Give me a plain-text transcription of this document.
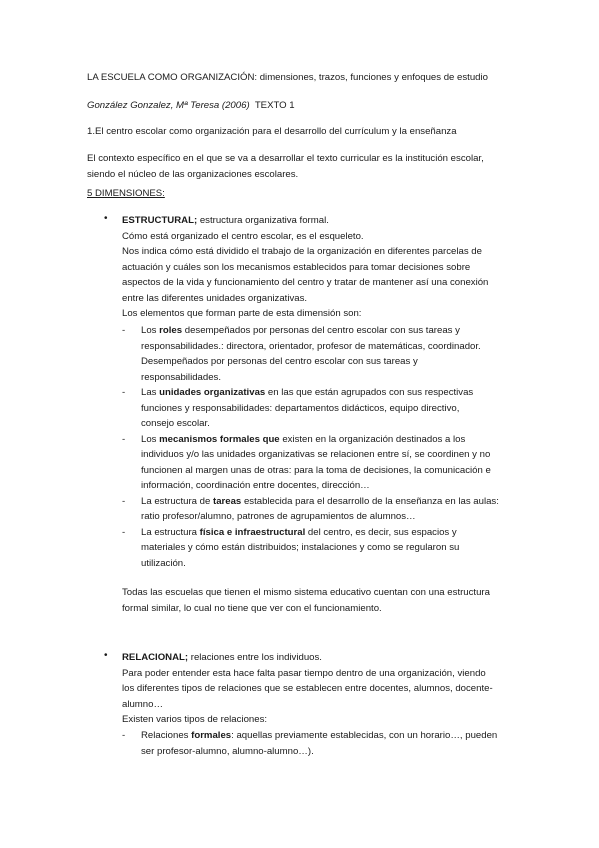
LA ESCUELA COMO ORGANIZACIÓN: dimensiones, trazos, funciones y enfoques de estudio
González Gonzalez, Mª Teresa (2006) TEXTO 1
1.El centro escolar como organización para el desarrollo del currículum y la enseñanza
El contexto específico en el que se va a desarrollar el texto curricular es la institución escolar,
siendo el núcleo de las organizaciones escolares.
5 DIMENSIONES:
• ESTRUCTURAL; estructura organizativa formal.
Cómo está organizado el centro escolar, es el esqueleto.
Nos indica cómo está dividido el trabajo de la organización en diferentes parcelas de
actuación y cuáles son los mecanismos establecidos para tomar decisiones sobre
aspectos de la vida y funcionamiento del centro y tratar de mantener así una conexión
entre las diferentes unidades organizativas.
Los elementos que forman parte de esta dimensión son:
- Los roles desempeñados por personas del centro escolar con sus tareas y
responsabilidades.: directora, orientador, profesor de matemáticas, coordinador.
Desempeñados por personas del centro escolar con sus tareas y
responsabilidades.
- Las unidades organizativas en las que están agrupados con sus respectivas
funciones y responsabilidades: departamentos didácticos, equipo directivo,
consejo escolar.
- Los mecanismos formales que existen en la organización destinados a los
individuos y/o las unidades organizativas se relacionen entre sí, se coordinen y no
funcionen al margen unas de otras: para la toma de decisiones, la comunicación e
información, coordinación entre docentes, dirección…
- La estructura de tareas establecida para el desarrollo de la enseñanza en las aulas:
ratio profesor/alumno, patrones de agrupamientos de alumnos…
- La estructura física e infraestructural del centro, es decir, sus espacios y
materiales y cómo están distribuidos; instalaciones y como se regularon su
utilización.
Todas las escuelas que tienen el mismo sistema educativo cuentan con una estructura
formal similar, lo cual no tiene que ver con el funcionamiento.
• RELACIONAL; relaciones entre los individuos.
Para poder entender esta hace falta pasar tiempo dentro de una organización, viendo
los diferentes tipos de relaciones que se establecen entre docentes, alumnos, docente-
alumno…
Existen varios tipos de relaciones:
- Relaciones formales: aquellas previamente establecidas, con un horario…, pueden
ser profesor-alumno, alumno-alumno…).
